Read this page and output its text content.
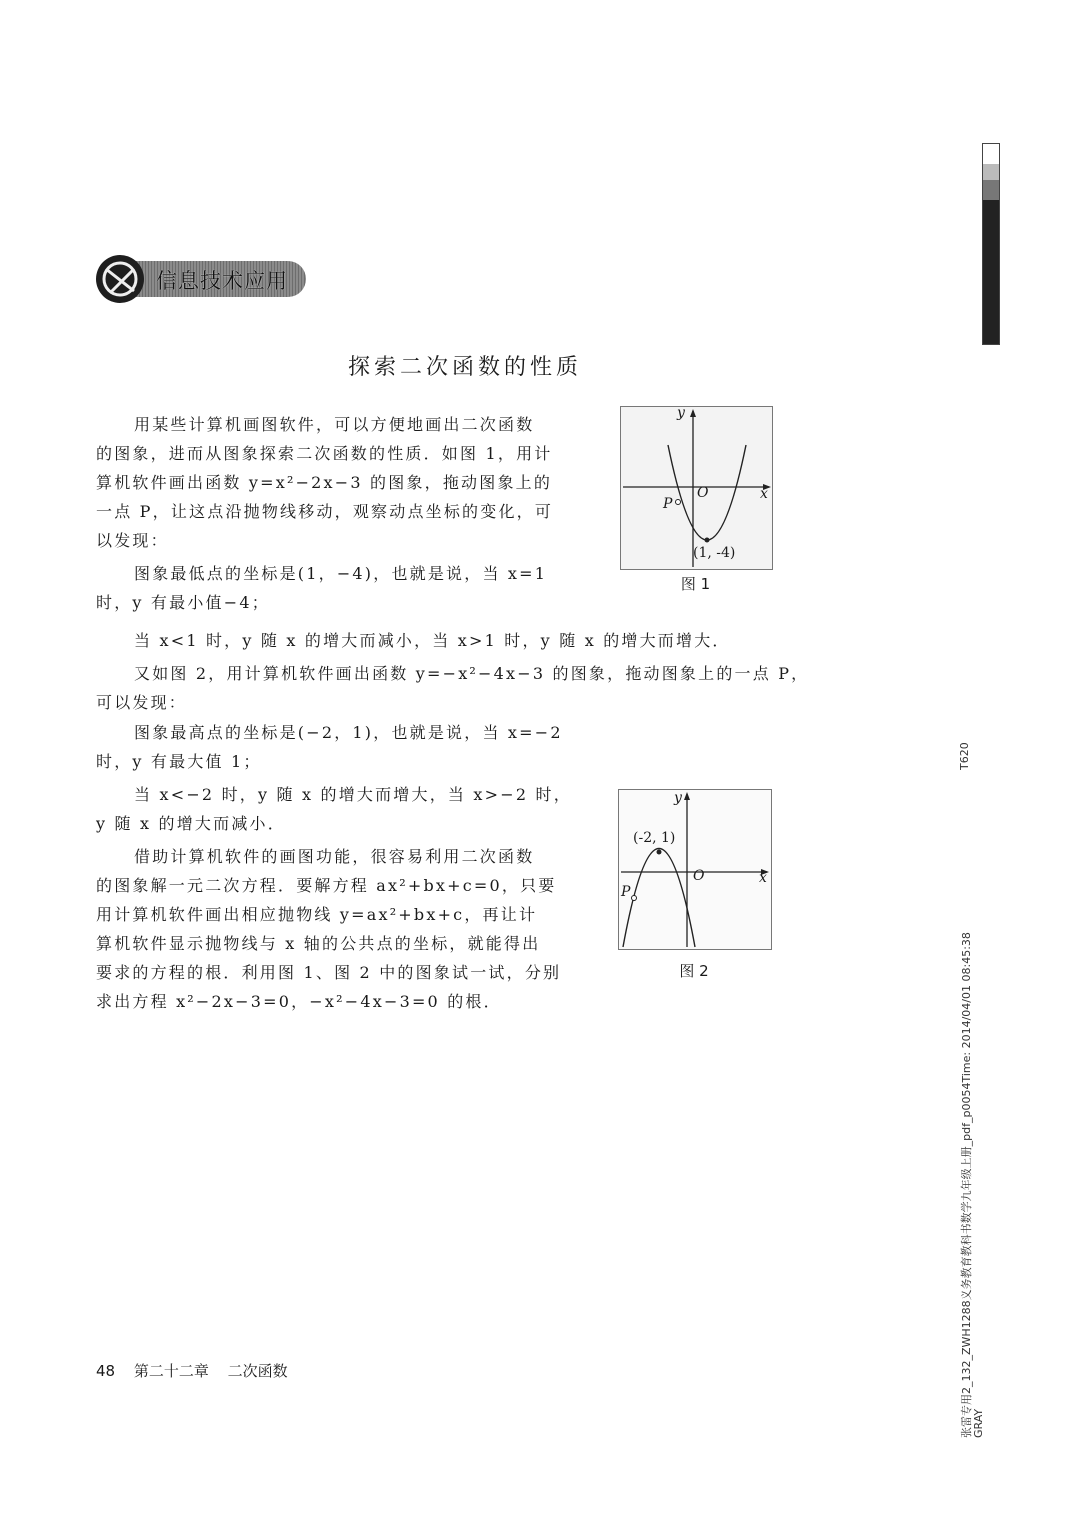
信息技术应用
探索二次函数的性质
用某些计算机画图软件，可以方便地画出二次函数
的图象，进而从图象探索二次函数的性质．如图 1，用计
算机软件画出函数 y=x²−2x−3 的图象，拖动图象上的
一点 P，让这点沿抛物线移动，观察动点坐标的变化，可
以发现：
图象最低点的坐标是(1，−4)，也就是说，当 x=1
时，y 有最小值−4；
当 x<1 时，y 随 x 的增大而减小，当 x>1 时，y 随 x 的增大而增大．
又如图 2，用计算机软件画出函数 y=−x²−4x−3 的图象，拖动图象上的一点 P，
可以发现：
图象最高点的坐标是(−2，1)，也就是说，当 x=−2
时，y 有最大值 1；
当 x<−2 时，y 随 x 的增大而增大，当 x>−2 时，
y 随 x 的增大而减小．
借助计算机软件的画图功能，很容易利用二次函数
的图象解一元二次方程．要解方程 ax²+bx+c=0，只要
用计算机软件画出相应抛物线 y=ax²+bx+c，再让计
算机软件显示抛物线与 x 轴的公共点的坐标，就能得出
要求的方程的根．利用图 1、图 2 中的图象试一试，分别
求出方程 x²−2x−3=0，−x²−4x−3=0 的根．
y
x
O
P
(1, -4)
图 1
y
x
O
P
(-2, 1)
图 2
48 第二十二章 二次函数
T620
张雷专用2_132_ZWH1288义务教育教科书数学九年级上册_pdf_p0054Time: 2014/04/01 08:45:38
GRAY
